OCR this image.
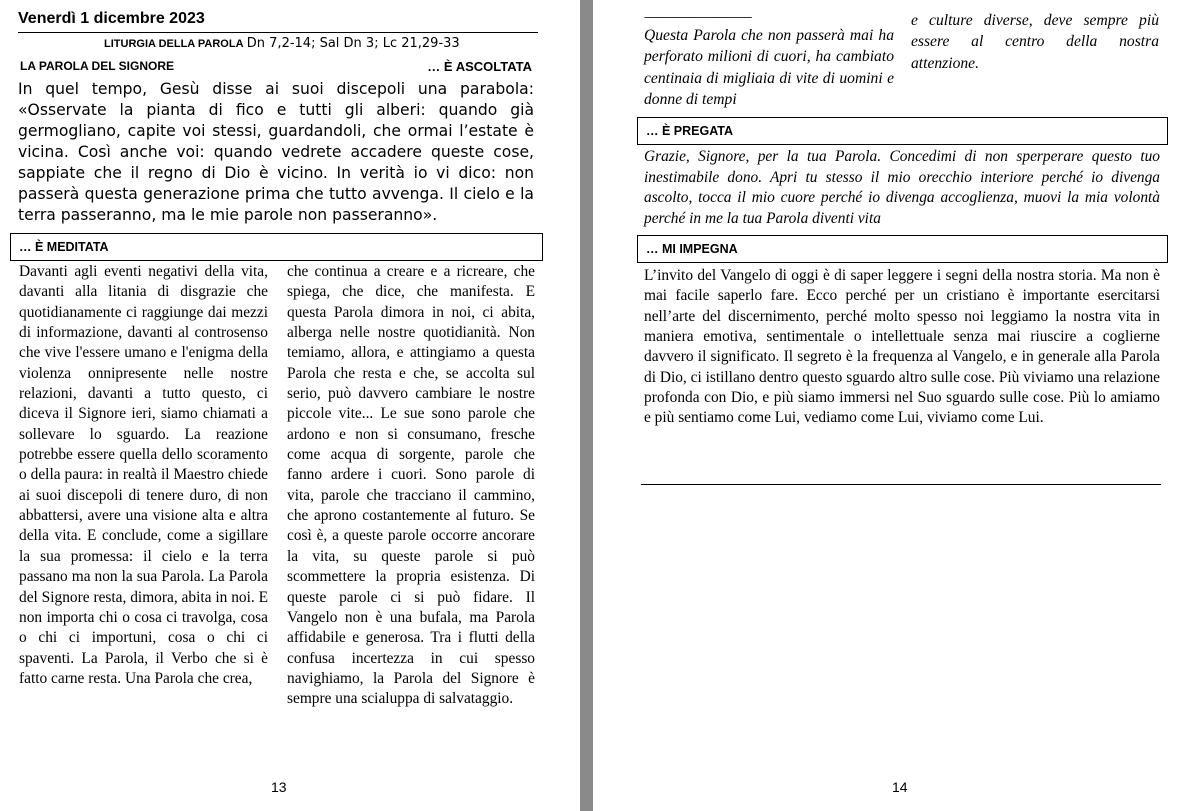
Venerdì 1 dicembre 2023
LITURGIA DELLA PAROLA Dn 7,2-14; Sal Dn 3; Lc 21,29-33
LA PAROLA DEL SIGNORE	… È ASCOLTATA
In quel tempo, Gesù disse ai suoi discepoli una parabola: «Osservate la pianta di fico e tutti gli alberi: quando già germogliano, capite voi stessi, guardandoli, che ormai l’estate è vicina. Così anche voi: quando vedrete accadere queste cose, sappiate che il regno di Dio è vicino. In verità io vi dico: non passerà questa generazione prima che tutto avvenga. Il cielo e la terra passeranno, ma le mie parole non passeranno».
… È MEDITATA
Davanti agli eventi negativi della vita, davanti alla litania di disgrazie che quotidianamente ci raggiunge dai mezzi di informazione, davanti al controsenso che vive l'essere umano e l'enigma della violenza onnipresente nelle nostre relazioni, davanti a tutto questo, ci diceva il Signore ieri, siamo chiamati a sollevare lo sguardo. La reazione potrebbe essere quella dello scoramento o della paura: in realtà il Maestro chiede ai suoi discepoli di tenere duro, di non abbattersi, avere una visione alta e altra della vita. E conclude, come a sigillare la sua promessa: il cielo e la terra passano ma non la sua Parola. La Parola del Signore resta, dimora, abita in noi. E non importa chi o cosa ci travolga, cosa o chi ci importuni, cosa o chi ci spaventi. La Parola, il Verbo che si è fatto carne resta. Una Parola che crea,
che continua a creare e a ricreare, che spiega, che dice, che manifesta. E questa Parola dimora in noi, ci abita, alberga nelle nostre quotidianità. Non temiamo, allora, e attingiamo a questa Parola che resta e che, se accolta sul serio, può davvero cambiare le nostre piccole vite... Le sue sono parole che ardono e non si consumano, fresche come acqua di sorgente, parole che fanno ardere i cuori. Sono parole di vita, parole che tracciano il cammino, che aprono costantemente al futuro. Se così è, a queste parole occorre ancorare la vita, su queste parole si può scommettere la propria esistenza. Di queste parole ci si può fidare. Il Vangelo non è una bufala, ma Parola affidabile e generosa. Tra i flutti della confusa incertezza in cui spesso navighiamo, la Parola del Signore è sempre una scialuppa di salvataggio.
13
----------------------------------------------
Questa Parola che non passerà mai ha perforato milioni di cuori, ha cambiato centinaia di migliaia di vite di uomini e donne di tempi
e culture diverse, deve sempre più essere al centro della nostra attenzione.
… È PREGATA
Grazie, Signore, per la tua Parola. Concedimi di non sperperare questo tuo inestimabile dono. Apri tu stesso il mio orecchio interiore perché io divenga ascolto, tocca il mio cuore perché io divenga accoglienza, muovi la mia volontà perché in me la tua Parola diventi vita
… MI IMPEGNA
L’invito del Vangelo di oggi è di saper leggere i segni della nostra storia. Ma non è mai facile saperlo fare. Ecco perché per un cristiano è importante esercitarsi nell’arte del discernimento, perché molto spesso noi leggiamo la nostra vita in maniera emotiva, sentimentale o intellettuale senza mai riuscire a coglierne davvero il significato. Il segreto è la frequenza al Vangelo, e in generale alla Parola di Dio, ci istillano dentro questo sguardo altro sulle cose. Più viviamo una relazione profonda con Dio, e più siamo immersi nel Suo sguardo sulle cose. Più lo amiamo e più sentiamo come Lui, vediamo come Lui, viviamo come Lui.
14
